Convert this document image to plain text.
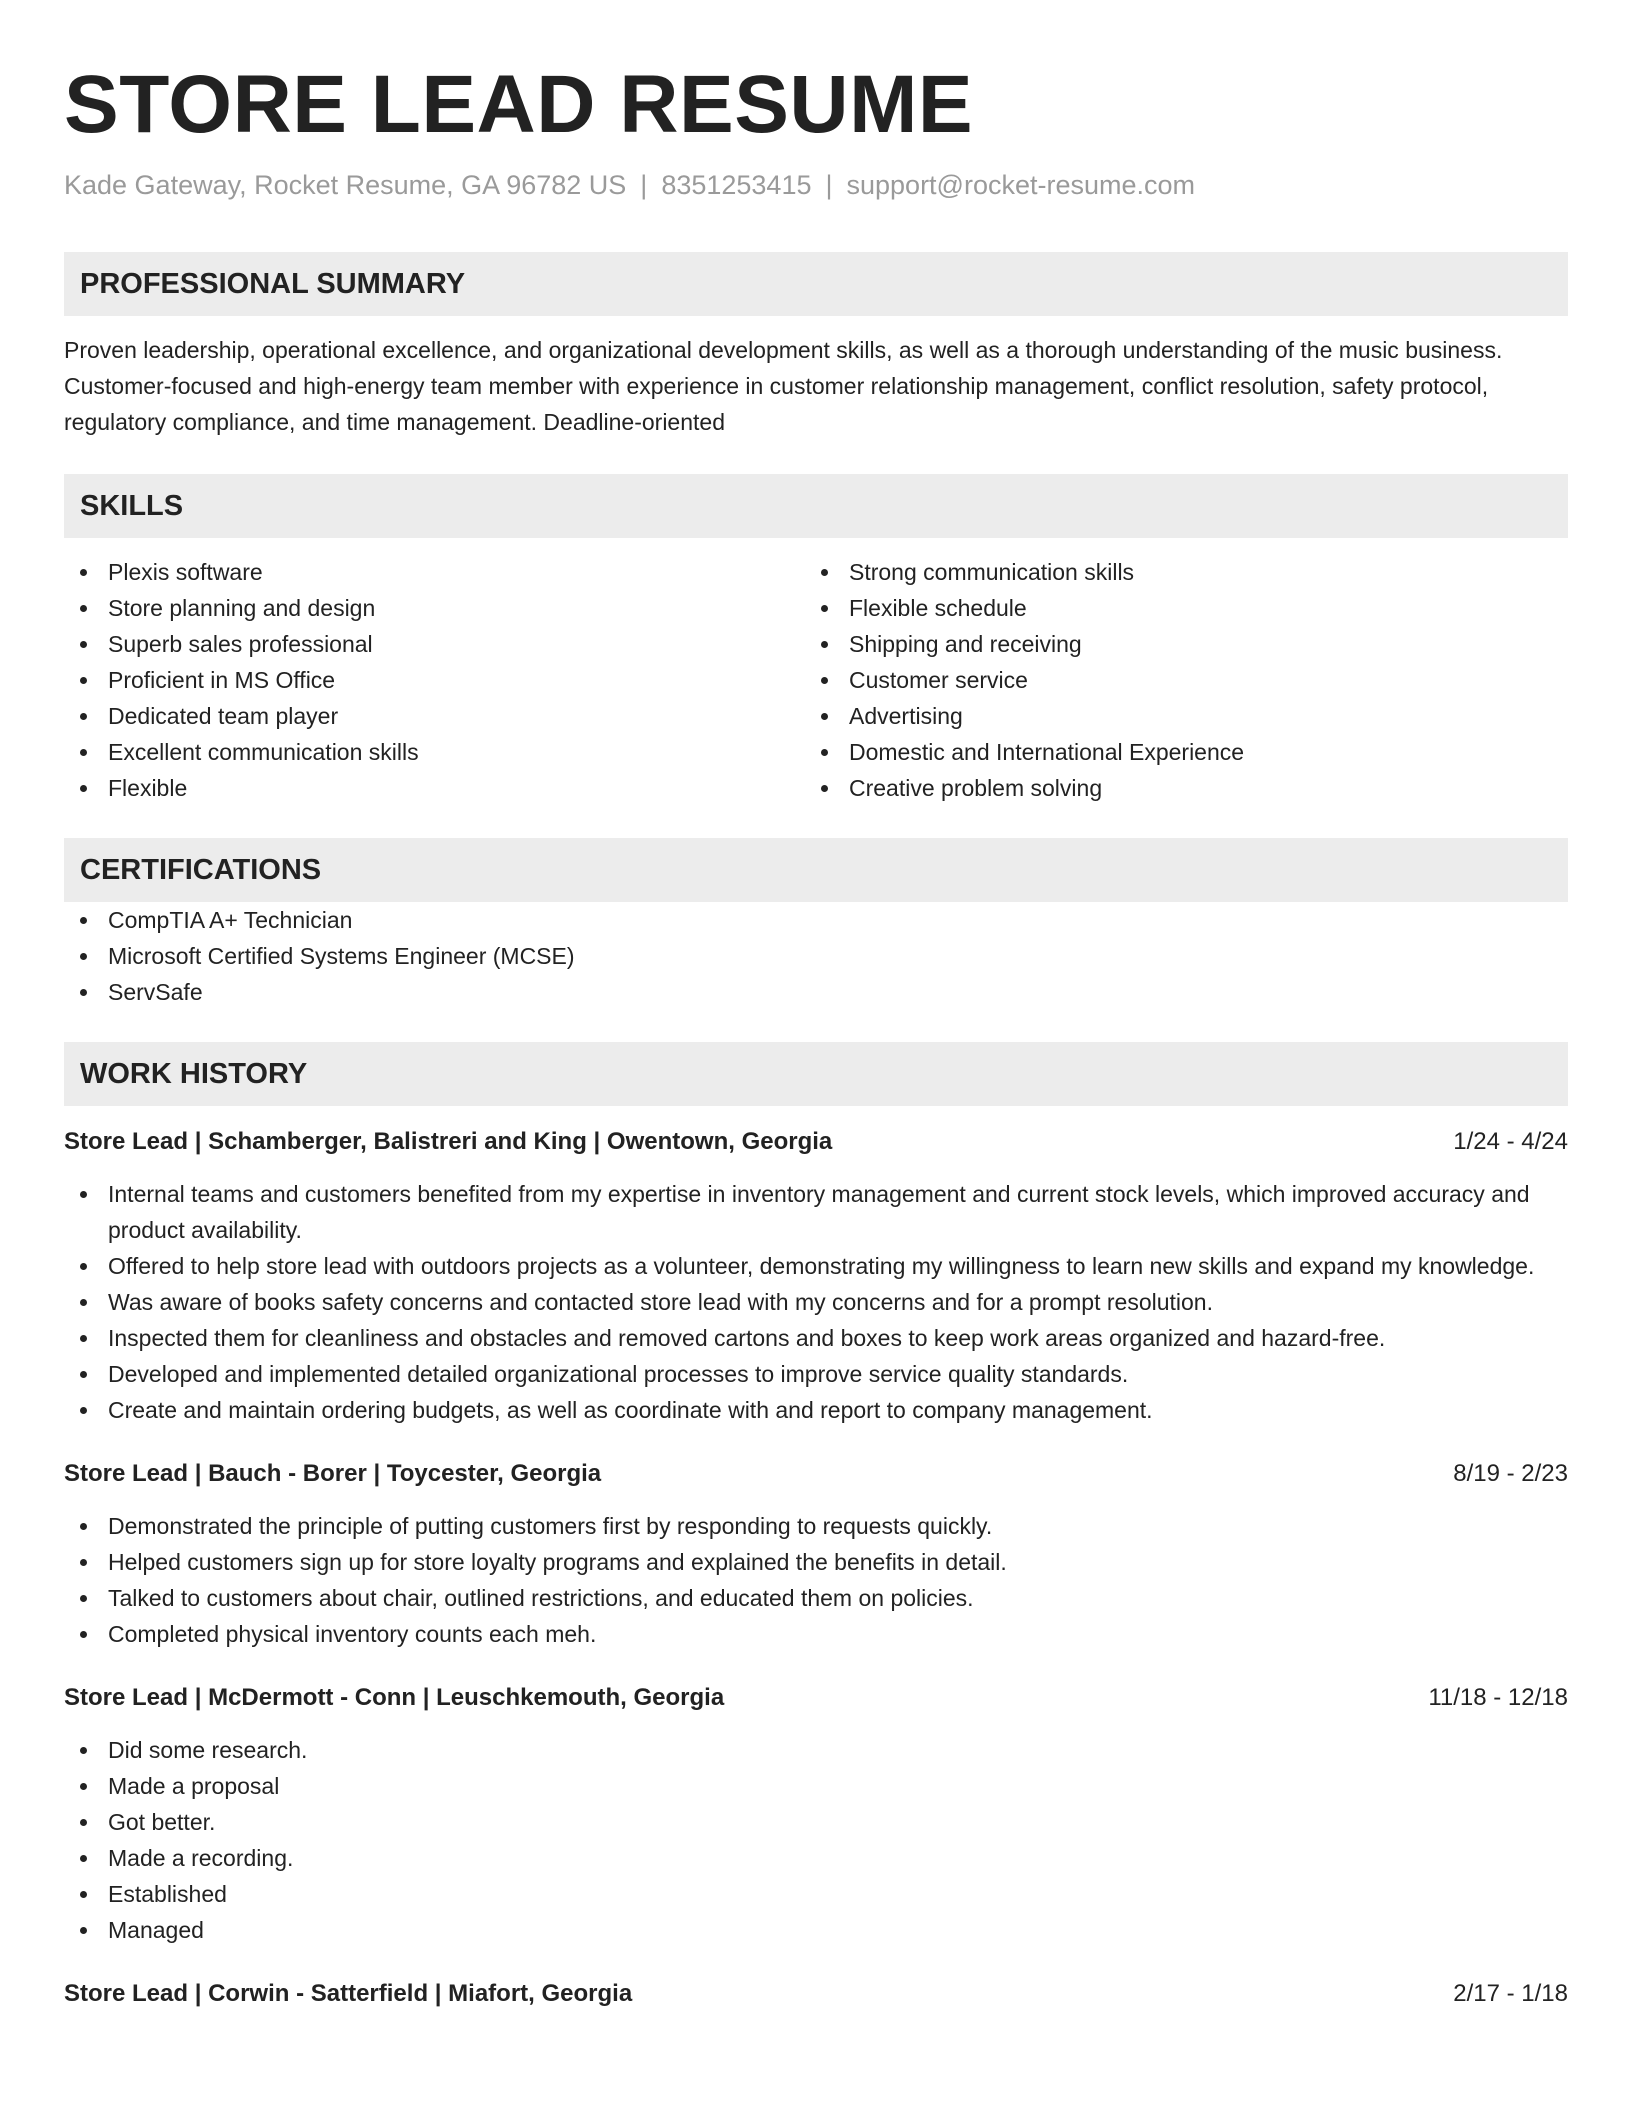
STORE LEAD RESUME
Kade Gateway, Rocket Resume, GA 96782 US | 8351253415 | support@rocket-resume.com
PROFESSIONAL SUMMARY

Proven leadership, operational excellence, and organizational development skills, as well as a thorough understanding of the music business. Customer-focused and high-energy team member with experience in customer relationship management, conflict resolution, safety protocol, regulatory compliance, and time management. Deadline-oriented

SKILLS
Plexis software
Store planning and design
Superb sales professional
Proficient in MS Office
Dedicated team player
Excellent communication skills
Flexible
Strong communication skills
Flexible schedule
Shipping and receiving
Customer service
Advertising
Domestic and International Experience
Creative problem solving
CERTIFICATIONS
CompTIA A+ Technician
Microsoft Certified Systems Engineer (MCSE)
ServSafe
WORK HISTORY
Store Lead | Schamberger, Balistreri and King | Owentown, Georgia	1/24 - 4/24
Internal teams and customers benefited from my expertise in inventory management and current stock levels, which improved accuracy and product availability.
Offered to help store lead with outdoors projects as a volunteer, demonstrating my willingness to learn new skills and expand my knowledge.
Was aware of books safety concerns and contacted store lead with my concerns and for a prompt resolution.
Inspected them for cleanliness and obstacles and removed cartons and boxes to keep work areas organized and hazard-free.
Developed and implemented detailed organizational processes to improve service quality standards.
Create and maintain ordering budgets, as well as coordinate with and report to company management.
Store Lead | Bauch - Borer | Toycester, Georgia	8/19 - 2/23
Demonstrated the principle of putting customers first by responding to requests quickly.
Helped customers sign up for store loyalty programs and explained the benefits in detail.
Talked to customers about chair, outlined restrictions, and educated them on policies.
Completed physical inventory counts each meh.
Store Lead | McDermott - Conn | Leuschkemouth, Georgia	11/18 - 12/18
Did some research.
Made a proposal
Got better.
Made a recording.
Established
Managed
Store Lead | Corwin - Satterfield | Miafort, Georgia	2/17 - 1/18
